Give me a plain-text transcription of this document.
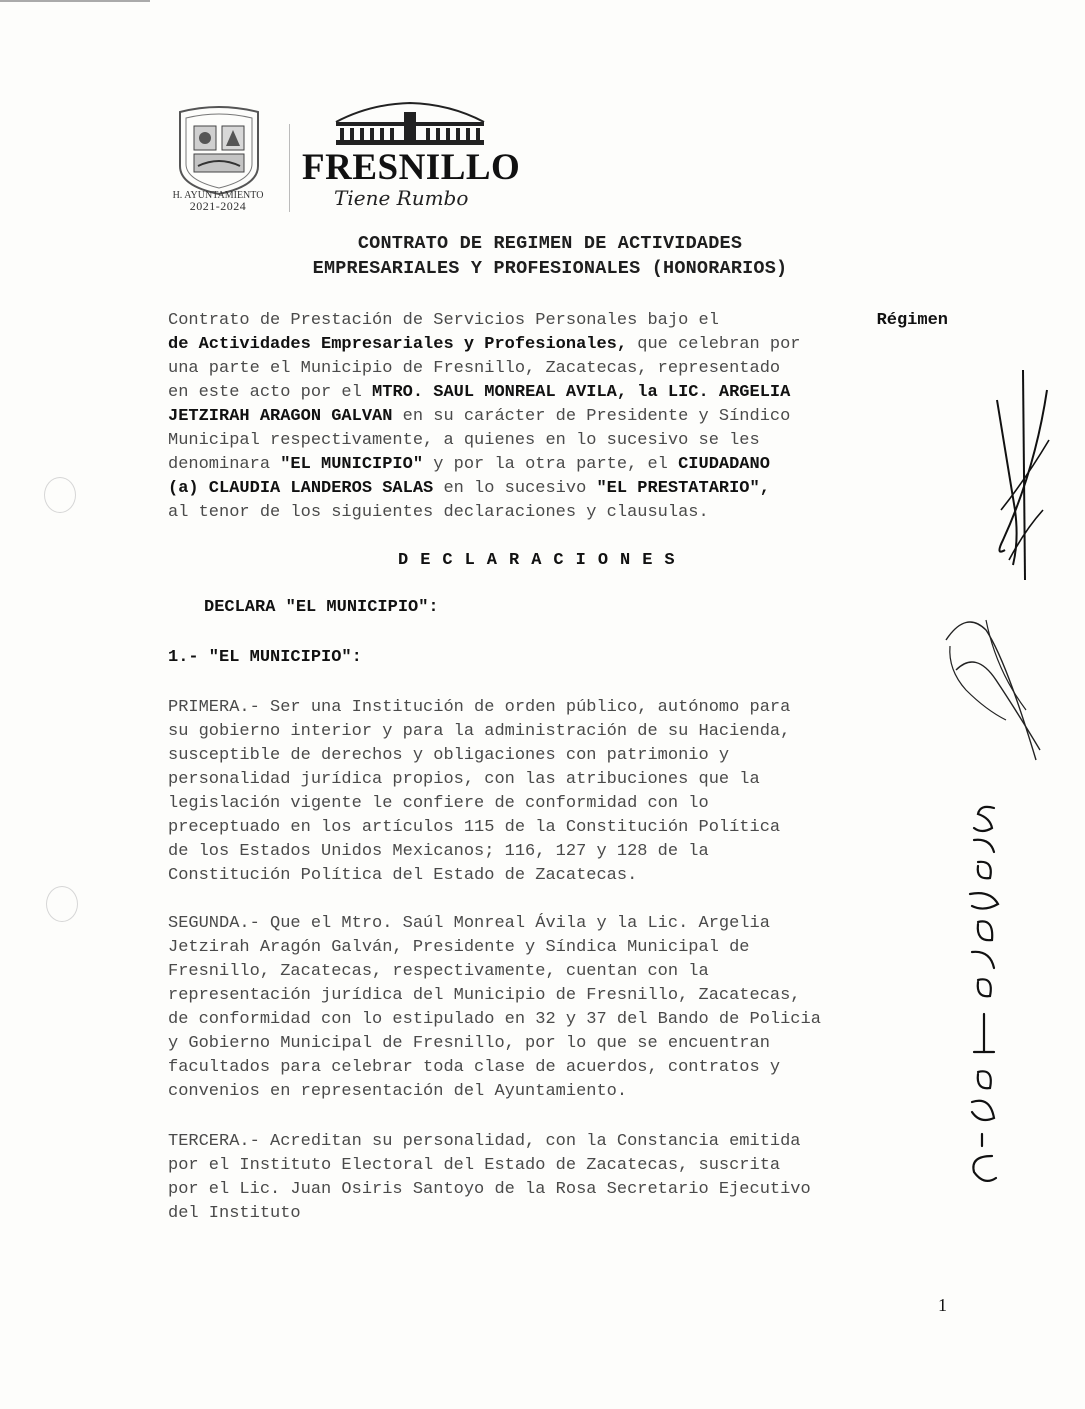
H. AYUNTAMIENTO
2021-2024
FRESNILLO
Tiene Rumbo
CONTRATO DE REGIMEN DE ACTIVIDADES
EMPRESARIALES Y PROFESIONALES (HONORARIOS)
Contrato de Prestación de Servicios Personales bajo el	Régimen
de Actividades Empresariales y Profesionales, que celebran por
una parte el Municipio de Fresnillo, Zacatecas, representado
en este acto por el MTRO. SAUL MONREAL AVILA, la LIC. ARGELIA
JETZIRAH ARAGON GALVAN en su carácter de Presidente y Síndico
Municipal respectivamente, a quienes en lo sucesivo se les
denominara "EL MUNICIPIO" y por la otra parte, el CIUDADANO
(a) CLAUDIA LANDEROS SALAS en lo sucesivo "EL PRESTATARIO",
al tenor de los siguientes declaraciones y clausulas.
DECLARACIONES
DECLARA "EL MUNICIPIO":
1.- "EL MUNICIPIO":
PRIMERA.- Ser una Institución de orden público, autónomo para
su gobierno interior y para la administración de su Hacienda,
susceptible de derechos y obligaciones con patrimonio y
personalidad jurídica propios, con las atribuciones que la
legislación vigente le confiere de conformidad con lo
preceptuado en los artículos 115 de la Constitución Política
de los Estados Unidos Mexicanos; 116, 127 y 128 de la
Constitución Política del Estado de Zacatecas.
SEGUNDA.- Que el Mtro. Saúl Monreal Ávila y la Lic. Argelia
Jetzirah Aragón Galván, Presidente y Síndica Municipal de
Fresnillo, Zacatecas, respectivamente, cuentan con la
representación jurídica del Municipio de Fresnillo, Zacatecas,
de conformidad con lo estipulado en 32 y 37 del Bando de Policia
y Gobierno Municipal de Fresnillo, por lo que se encuentran
facultados para celebrar toda clase de acuerdos, contratos y
convenios en representación del Ayuntamiento.
TERCERA.- Acreditan su personalidad, con la Constancia emitida
por el Instituto Electoral del Estado de Zacatecas, suscrita
por el Lic. Juan Osiris Santoyo de la Rosa Secretario Ejecutivo
del Instituto
1
